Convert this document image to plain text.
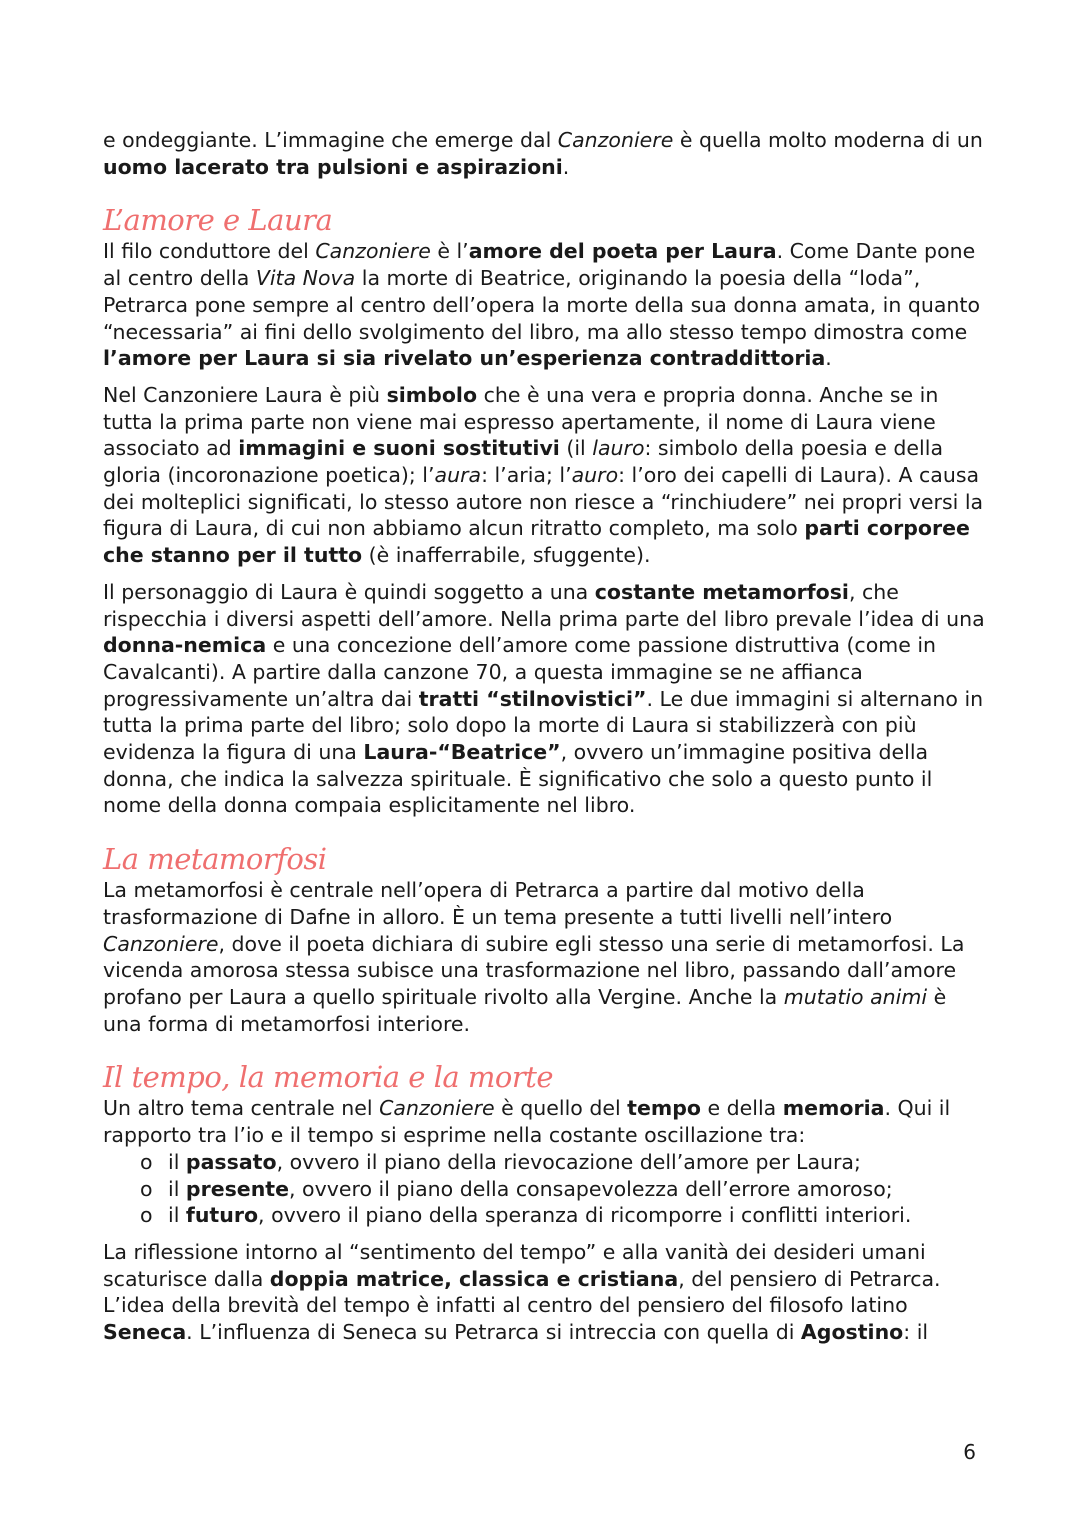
e ondeggiante. L’immagine che emerge dal Canzoniere è quella molto moderna di un uomo lacerato tra pulsioni e aspirazioni.

L’amore e Laura

Il filo conduttore del Canzoniere è l’amore del poeta per Laura. Come Dante pone al centro della Vita Nova la morte di Beatrice, originando la poesia della “loda”, Petrarca pone sempre al centro dell’opera la morte della sua donna amata, in quanto “necessaria” ai fini dello svolgimento del libro, ma allo stesso tempo dimostra come l’amore per Laura si sia rivelato un’esperienza contraddittoria.

Nel Canzoniere Laura è più simbolo che è una vera e propria donna. Anche se in tutta la prima parte non viene mai espresso apertamente, il nome di Laura viene associato ad immagini e suoni sostitutivi (il lauro: simbolo della poesia e della gloria (incoronazione poetica); l’aura: l’aria; l’auro: l’oro dei capelli di Laura). A causa dei molteplici significati, lo stesso autore non riesce a “rinchiudere” nei propri versi la figura di Laura, di cui non abbiamo alcun ritratto completo, ma solo parti corporee che stanno per il tutto (è inafferrabile, sfuggente).

Il personaggio di Laura è quindi soggetto a una costante metamorfosi, che rispecchia i diversi aspetti dell’amore. Nella prima parte del libro prevale l’idea di una donna-nemica e una concezione dell’amore come passione distruttiva (come in Cavalcanti). A partire dalla canzone 70, a questa immagine se ne affianca progressivamente un’altra dai tratti “stilnovistici”. Le due immagini si alternano in tutta la prima parte del libro; solo dopo la morte di Laura si stabilizzerà con più evidenza la figura di una Laura-“Beatrice”, ovvero un’immagine positiva della donna, che indica la salvezza spirituale. È significativo che solo a questo punto il nome della donna compaia esplicitamente nel libro.

La metamorfosi

La metamorfosi è centrale nell’opera di Petrarca a partire dal motivo della trasformazione di Dafne in alloro. È un tema presente a tutti livelli nell’intero Canzoniere, dove il poeta dichiara di subire egli stesso una serie di metamorfosi. La vicenda amorosa stessa subisce una trasformazione nel libro, passando dall’amore profano per Laura a quello spirituale rivolto alla Vergine. Anche la mutatio animi è una forma di metamorfosi interiore.

Il tempo, la memoria e la morte

Un altro tema centrale nel Canzoniere è quello del tempo e della memoria. Qui il rapporto tra l’io e il tempo si esprime nella costante oscillazione tra:

o il passato, ovvero il piano della rievocazione dell’amore per Laura;
o il presente, ovvero il piano della consapevolezza dell’errore amoroso;
o il futuro, ovvero il piano della speranza di ricomporre i conflitti interiori.

La riflessione intorno al “sentimento del tempo” e alla vanità dei desideri umani scaturisce dalla doppia matrice, classica e cristiana, del pensiero di Petrarca. L’idea della brevità del tempo è infatti al centro del pensiero del filosofo latino Seneca. L’influenza di Seneca su Petrarca si intreccia con quella di Agostino: il

6
